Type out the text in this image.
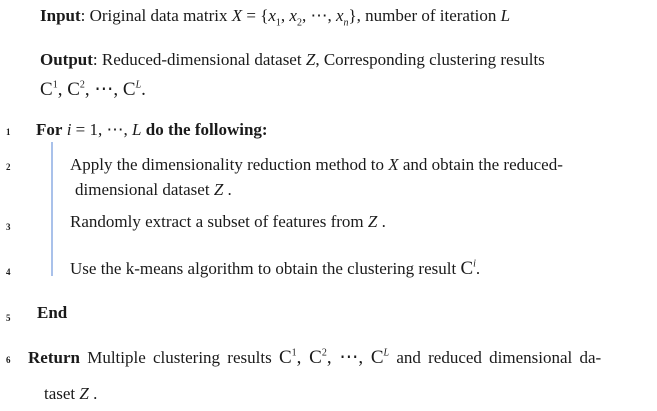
Input: Original data matrix $X = \{x_1$, $x_2$, ⋯, $x_n$}, number of iteration L
Output: Reduced-dimensional dataset Z, Corresponding clustering results
$C^1$, $C^2$, ⋯, $C^L$.
1 For i = 1, ⋯, L do the following:
2	Apply the dimensionality reduction method to X and obtain the reduced-
dimensional dataset Z .
3	Randomly extract a subset of features from Z .
4	Use the k-means algorithm to obtain the clustering result $C^i$.
5 End
6 Return Multiple clustering results $C^1$, $C^2$, ⋯, $C^L$ and reduced dimensional da-
taset Z .
